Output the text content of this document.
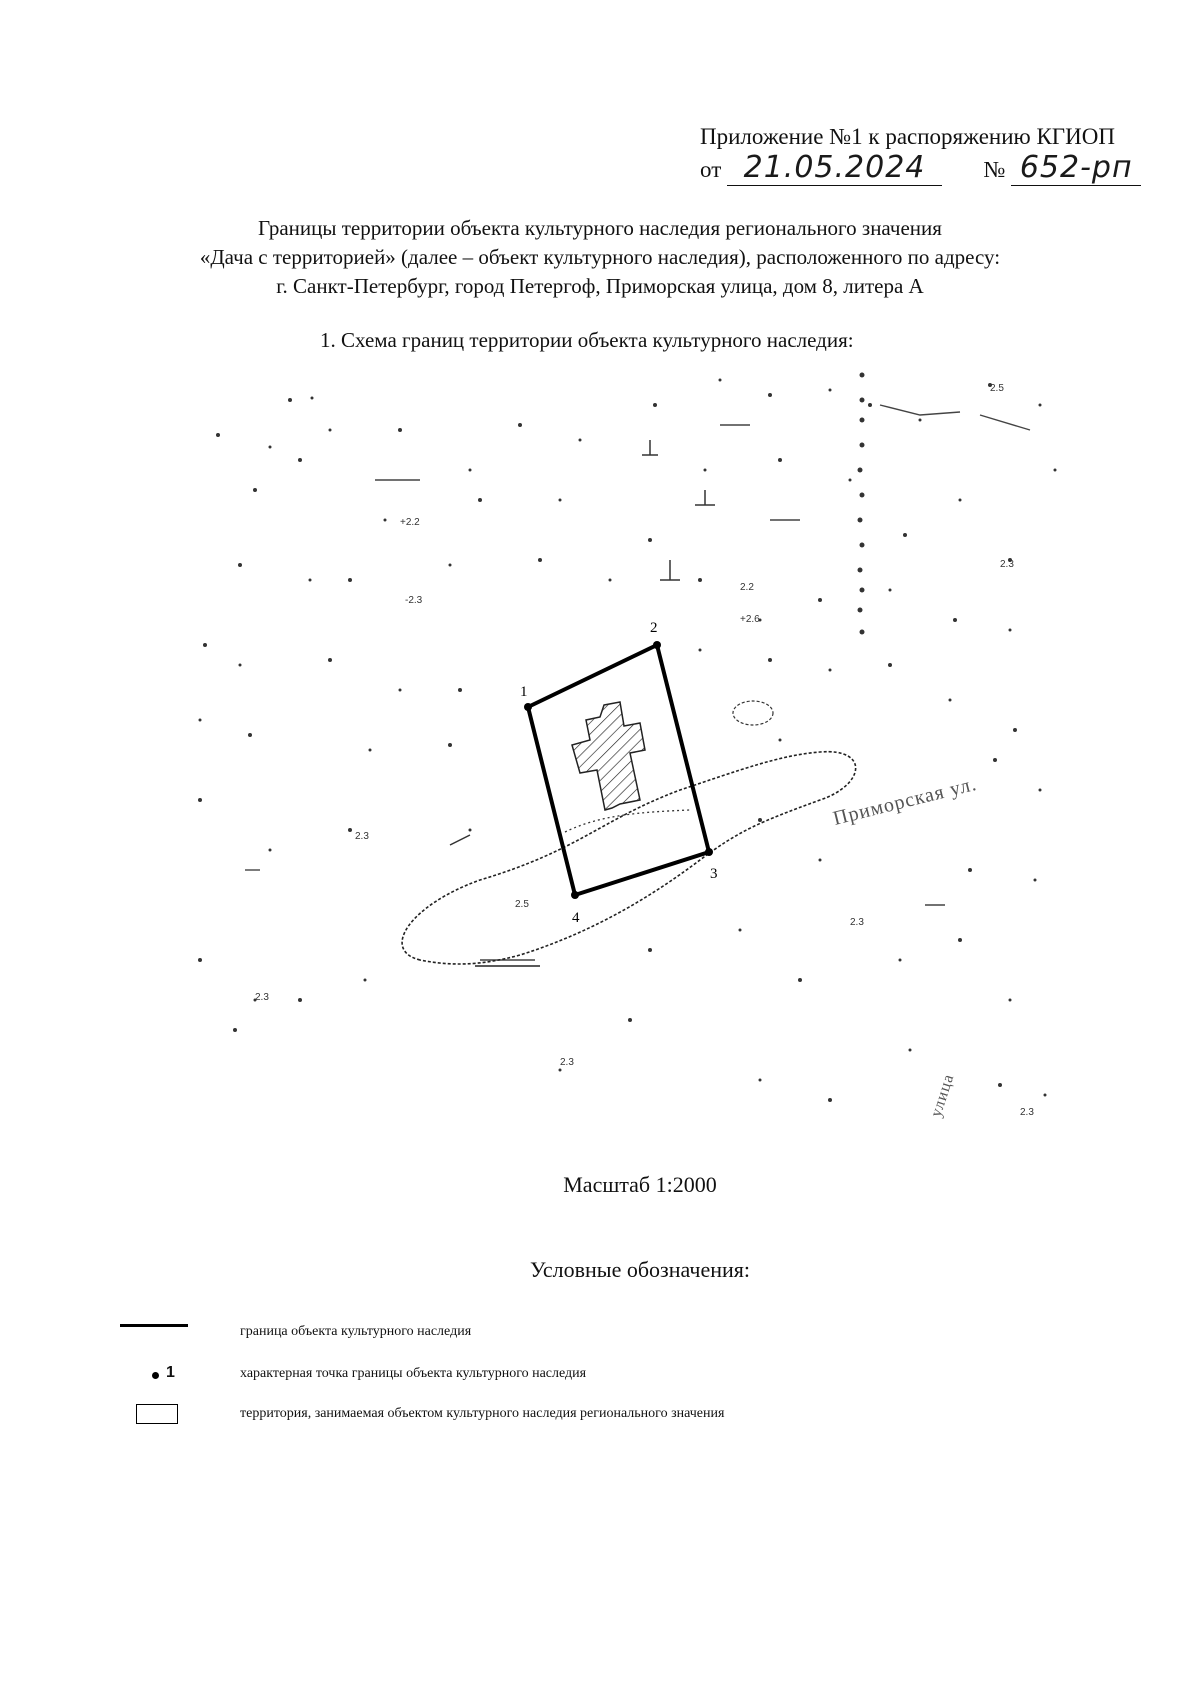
Приложение №1 к распоряжению КГИОП
от 21.05.2024	№ 652-рп
Границы территории объекта культурного наследия регионального значения
«Дача с территорией» (далее – объект культурного наследия), расположенного по адресу:
г. Санкт-Петербург, город Петергоф, Приморская улица, дом 8, литера А
1. Схема границ территории объекта культурного наследия:
+2.2
-2.3
+2.6
2.5
2.3
2.3
2.5
2.3
2.3
2.3
2.3
2.2
1
2
3
4
Приморская ул.
улица
Масштаб 1:2000
Условные обозначения:
граница объекта культурного наследия
1	характерная точка границы объекта культурного наследия
территория, занимаемая объектом культурного наследия регионального значения
